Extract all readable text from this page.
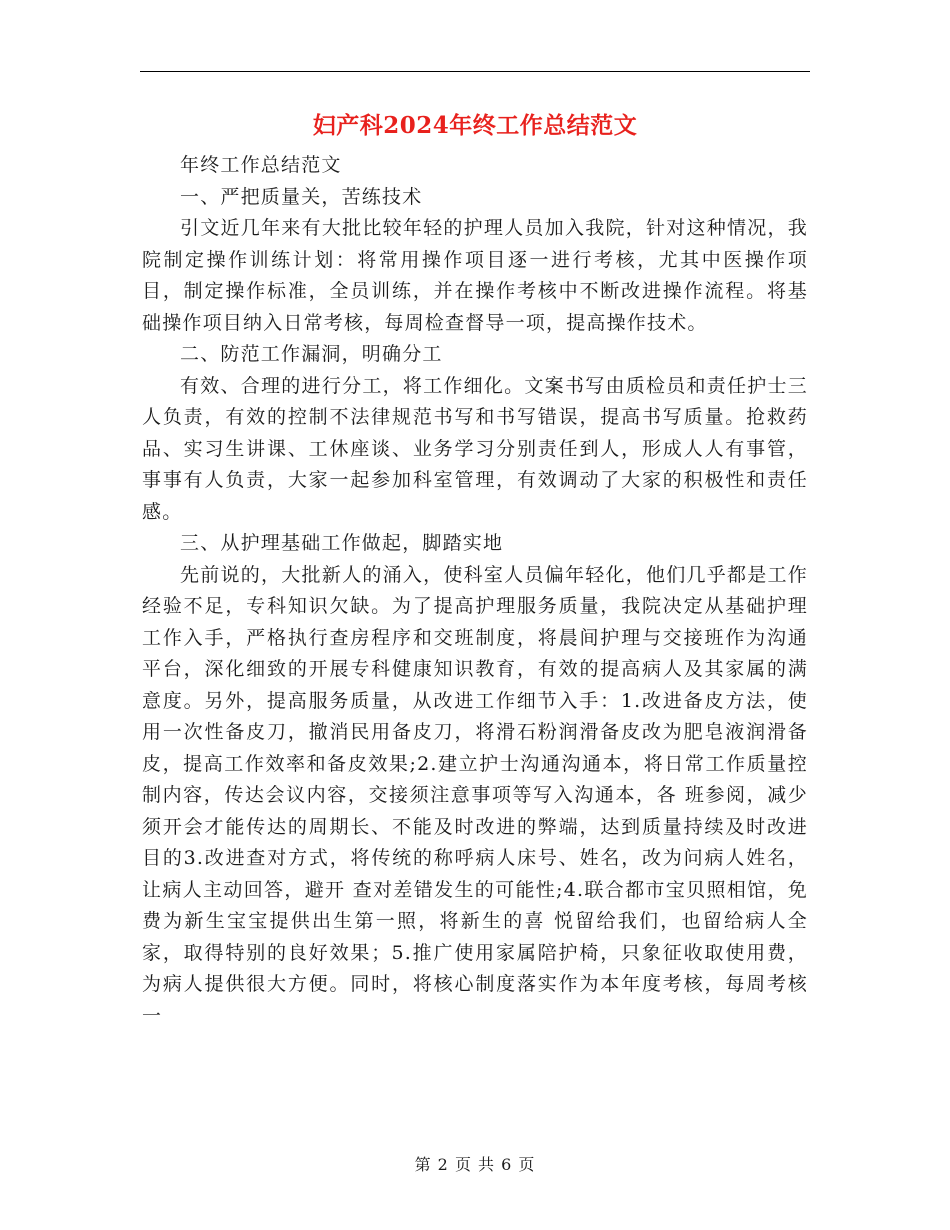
妇产科2024年终工作总结范文

年终工作总结范文

一、严把质量关，苦练技术

引文近几年来有大批比较年轻的护理人员加入我院，针对这种情况，我院制定操作训练计划：将常用操作项目逐一进行考核，尤其中医操作项目，制定操作标准，全员训练，并在操作考核中不断改进操作流程。将基础操作项目纳入日常考核，每周检查督导一项，提高操作技术。

二、防范工作漏洞，明确分工

有效、合理的进行分工，将工作细化。文案书写由质检员和责任护士三人负责，有效的控制不法律规范书写和书写错误，提高书写质量。抢救药品、实习生讲课、工休座谈、业务学习分别责任到人，形成人人有事管，事事有人负责，大家一起参加科室管理，有效调动了大家的积极性和责任感。

三、从护理基础工作做起，脚踏实地

先前说的，大批新人的涌入，使科室人员偏年轻化，他们几乎都是工作经验不足，专科知识欠缺。为了提高护理服务质量，我院决定从基础护理工作入手，严格执行查房程序和交班制度，将晨间护理与交接班作为沟通平台，深化细致的开展专科健康知识教育，有效的提高病人及其家属的满意度。另外，提高服务质量，从改进工作细节入手：1.改进备皮方法，使用一次性备皮刀，撤消民用备皮刀，将滑石粉润滑备皮改为肥皂液润滑备皮，提高工作效率和备皮效果;2.建立护士沟通沟通本，将日常工作质量控制内容，传达会议内容，交接须注意事项等写入沟通本，各 班参阅，减少须开会才能传达的周期长、不能及时改进的弊端，达到质量持续及时改进目的3.改进查对方式，将传统的称呼病人床号、姓名，改为问病人姓名，让病人主动回答，避开 查对差错发生的可能性;4.联合都市宝贝照相馆，免费为新生宝宝提供出生第一照，将新生的喜 悦留给我们，也留给病人全家，取得特别的良好效果；5.推广使用家属陪护椅，只象征收取使用费，为病人提供很大方便。同时，将核心制度落实作为本年度考核，每周考核一

第 2 页 共 6 页
